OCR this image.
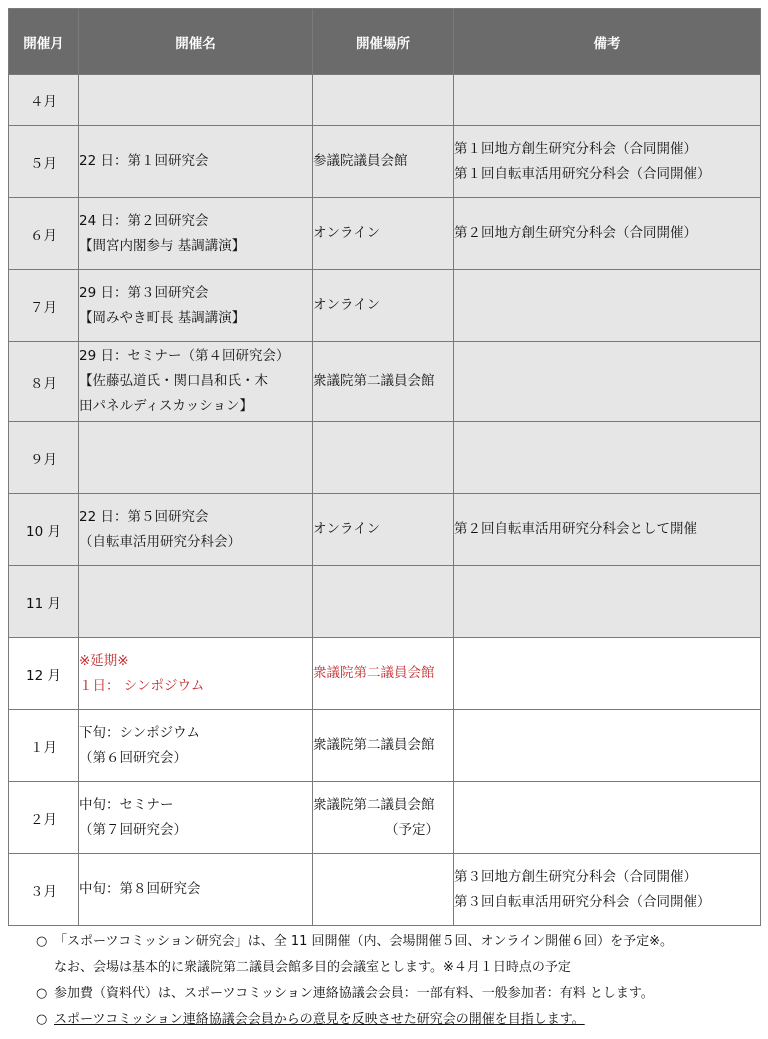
開催月	開催名	開催場所	備考
４月			
５月	22 日：第１回研究会	参議院議員会館	第１回地方創生研究分科会（合同開催）
第１回自転車活用研究分科会（合同開催）

６月	24 日：第２回研究会
【間宮内閣参与 基調講演】	オンライン	第２回地方創生研究分科会（合同開催）

７月	29 日：第３回研究会
【岡みやき町長 基調講演】	オンライン	

８月	29 日：セミナー（第４回研究会）
【佐藤弘道氏・関口昌和氏・木
田パネルディスカッション】	衆議院第二議員会館	

９月			
10 月	22 日：第５回研究会
（自転車活用研究分科会）	オンライン	第２回自転車活用研究分科会として開催

11 月			
12 月	※延期※
１日： シンポジウム	衆議院第二議員会館	

１月	下旬：シンポジウム
（第６回研究会）	衆議院第二議員会館	

２月	中旬：セミナー
（第７回研究会）	衆議院第二議員会館
（予定）	

３月	中旬：第８回研究会		第３回地方創生研究分科会（合同開催）
第３回自転車活用研究分科会（合同開催）
○ 「スポーツコミッション研究会」は、全 11 回開催（内、会場開催５回、オンライン開催６回）を予定※。
なお、会場は基本的に衆議院第二議員会館多目的会議室とします。※４月１日時点の予定
○ 参加費（資料代）は、スポーツコミッション連絡協議会会員：一部有料、一般参加者：有料 とします。
○ スポーツコミッション連絡協議会会員からの意見を反映させた研究会の開催を目指します。
